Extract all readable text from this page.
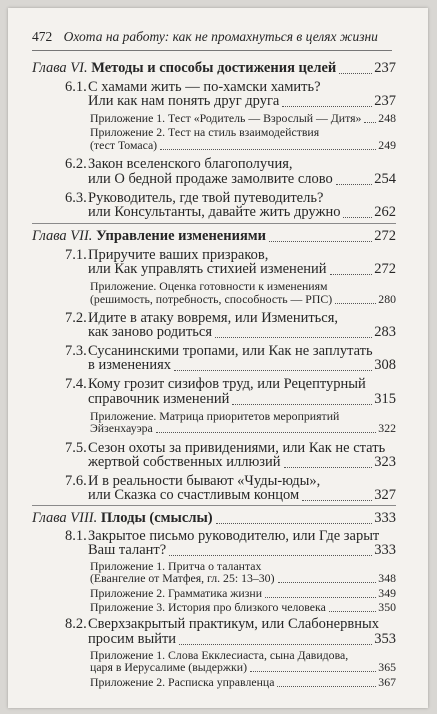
472 Охота на работу: как не промахнуться в целях жизни
Глава VI. Методы и способы достижения целей	237
6.1. С хамами жить — по-хамски хамить?
Или как нам понять друг друга	237
Приложение 1. Тест «Родитель — Взрослый — Дитя» 248
Приложение 2. Тест на стиль взаимодействия
(тест Томаса)	249
6.2. Закон вселенского благополучия,
или О бедной продаже замолвите слово	254
6.3. Руководитель, где твой путеводитель?
или Консультанты, давайте жить дружно 262
Глава VII. Управление изменениями	272
7.1. Приручите ваших призраков,
или Как управлять стихией изменений	272
Приложение. Оценка готовности к изменениям
(решимость, потребность, способность — РПС)	280
7.2. Идите в атаку вовремя, или Измениться,
как заново родиться	283
7.3. Сусанинскими тропами, или Как не заплутать
в изменениях	308
7.4. Кому грозит сизифов труд, или Рецептурный
справочник изменений	315
Приложение. Матрица приоритетов мероприятий
Эйзенхауэра	322
7.5. Сезон охоты за привидениями, или Как не стать
жертвой собственных иллюзий	323
7.6. И в реальности бывают «Чуды-юды»,
или Сказка со счастливым концом	327
Глава VIII. Плоды (смыслы)	333
8.1. Закрытое письмо руководителю, или Где зарыт
Ваш талант?	333
Приложение 1. Притча о талантах
(Евангелие от Матфея, гл. 25: 13–30)	348
Приложение 2. Грамматика жизни	349
Приложение 3. История про близкого человека	350
8.2. Сверхзакрытый практикум, или Слабонервных
просим выйти	353
Приложение 1. Слова Екклесиаста, сына Давидова,
царя в Иерусалиме (выдержки)	365
Приложение 2. Расписка управленца	367
